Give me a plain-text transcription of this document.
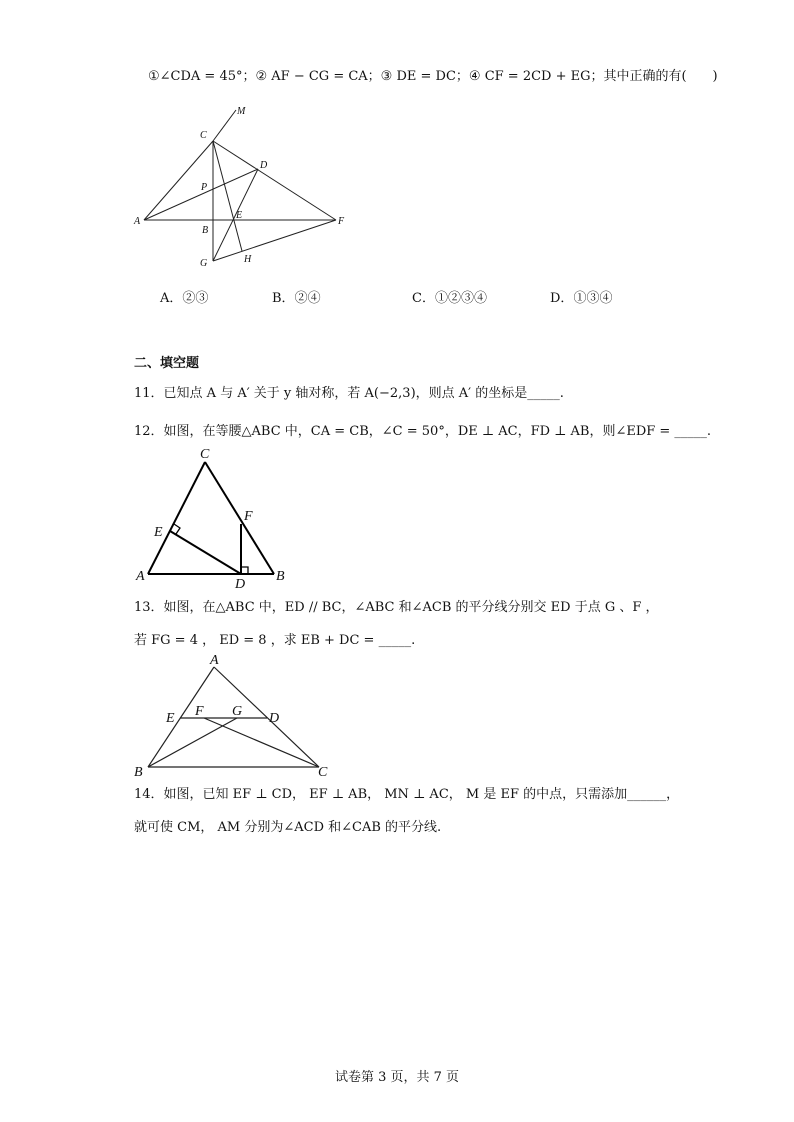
①∠CDA = 45°；② AF − CG = CA；③ DE = DC；④ CF = 2CD + EG；其中正确的有(　　)
M
C
D
P
A
E
F
B
G	H
A．②③	B．②④	C．①②③④	D．①③④
二、填空题
11．已知点 A 与 A′ 关于 y 轴对称，若 A(−2,3)，则点 A′ 的坐标是_____.
12．如图，在等腰△ABC 中，CA = CB，∠C = 50°，DE ⊥ AC，FD ⊥ AB，则∠EDF = _____.
C
F
E
A
D
B
13．如图，在△ABC 中，ED // BC，∠ABC 和∠ACB 的平分线分别交 ED 于点 G 、F ，
若 FG = 4 ， ED = 8 ，求 EB + DC = _____.
A
E F G D
B	C
14．如图，已知 EF ⊥ CD， EF ⊥ AB， MN ⊥ AC， M 是 EF 的中点，只需添加______，
就可使 CM， AM 分别为∠ACD 和∠CAB 的平分线.
试卷第 3 页，共 7 页
